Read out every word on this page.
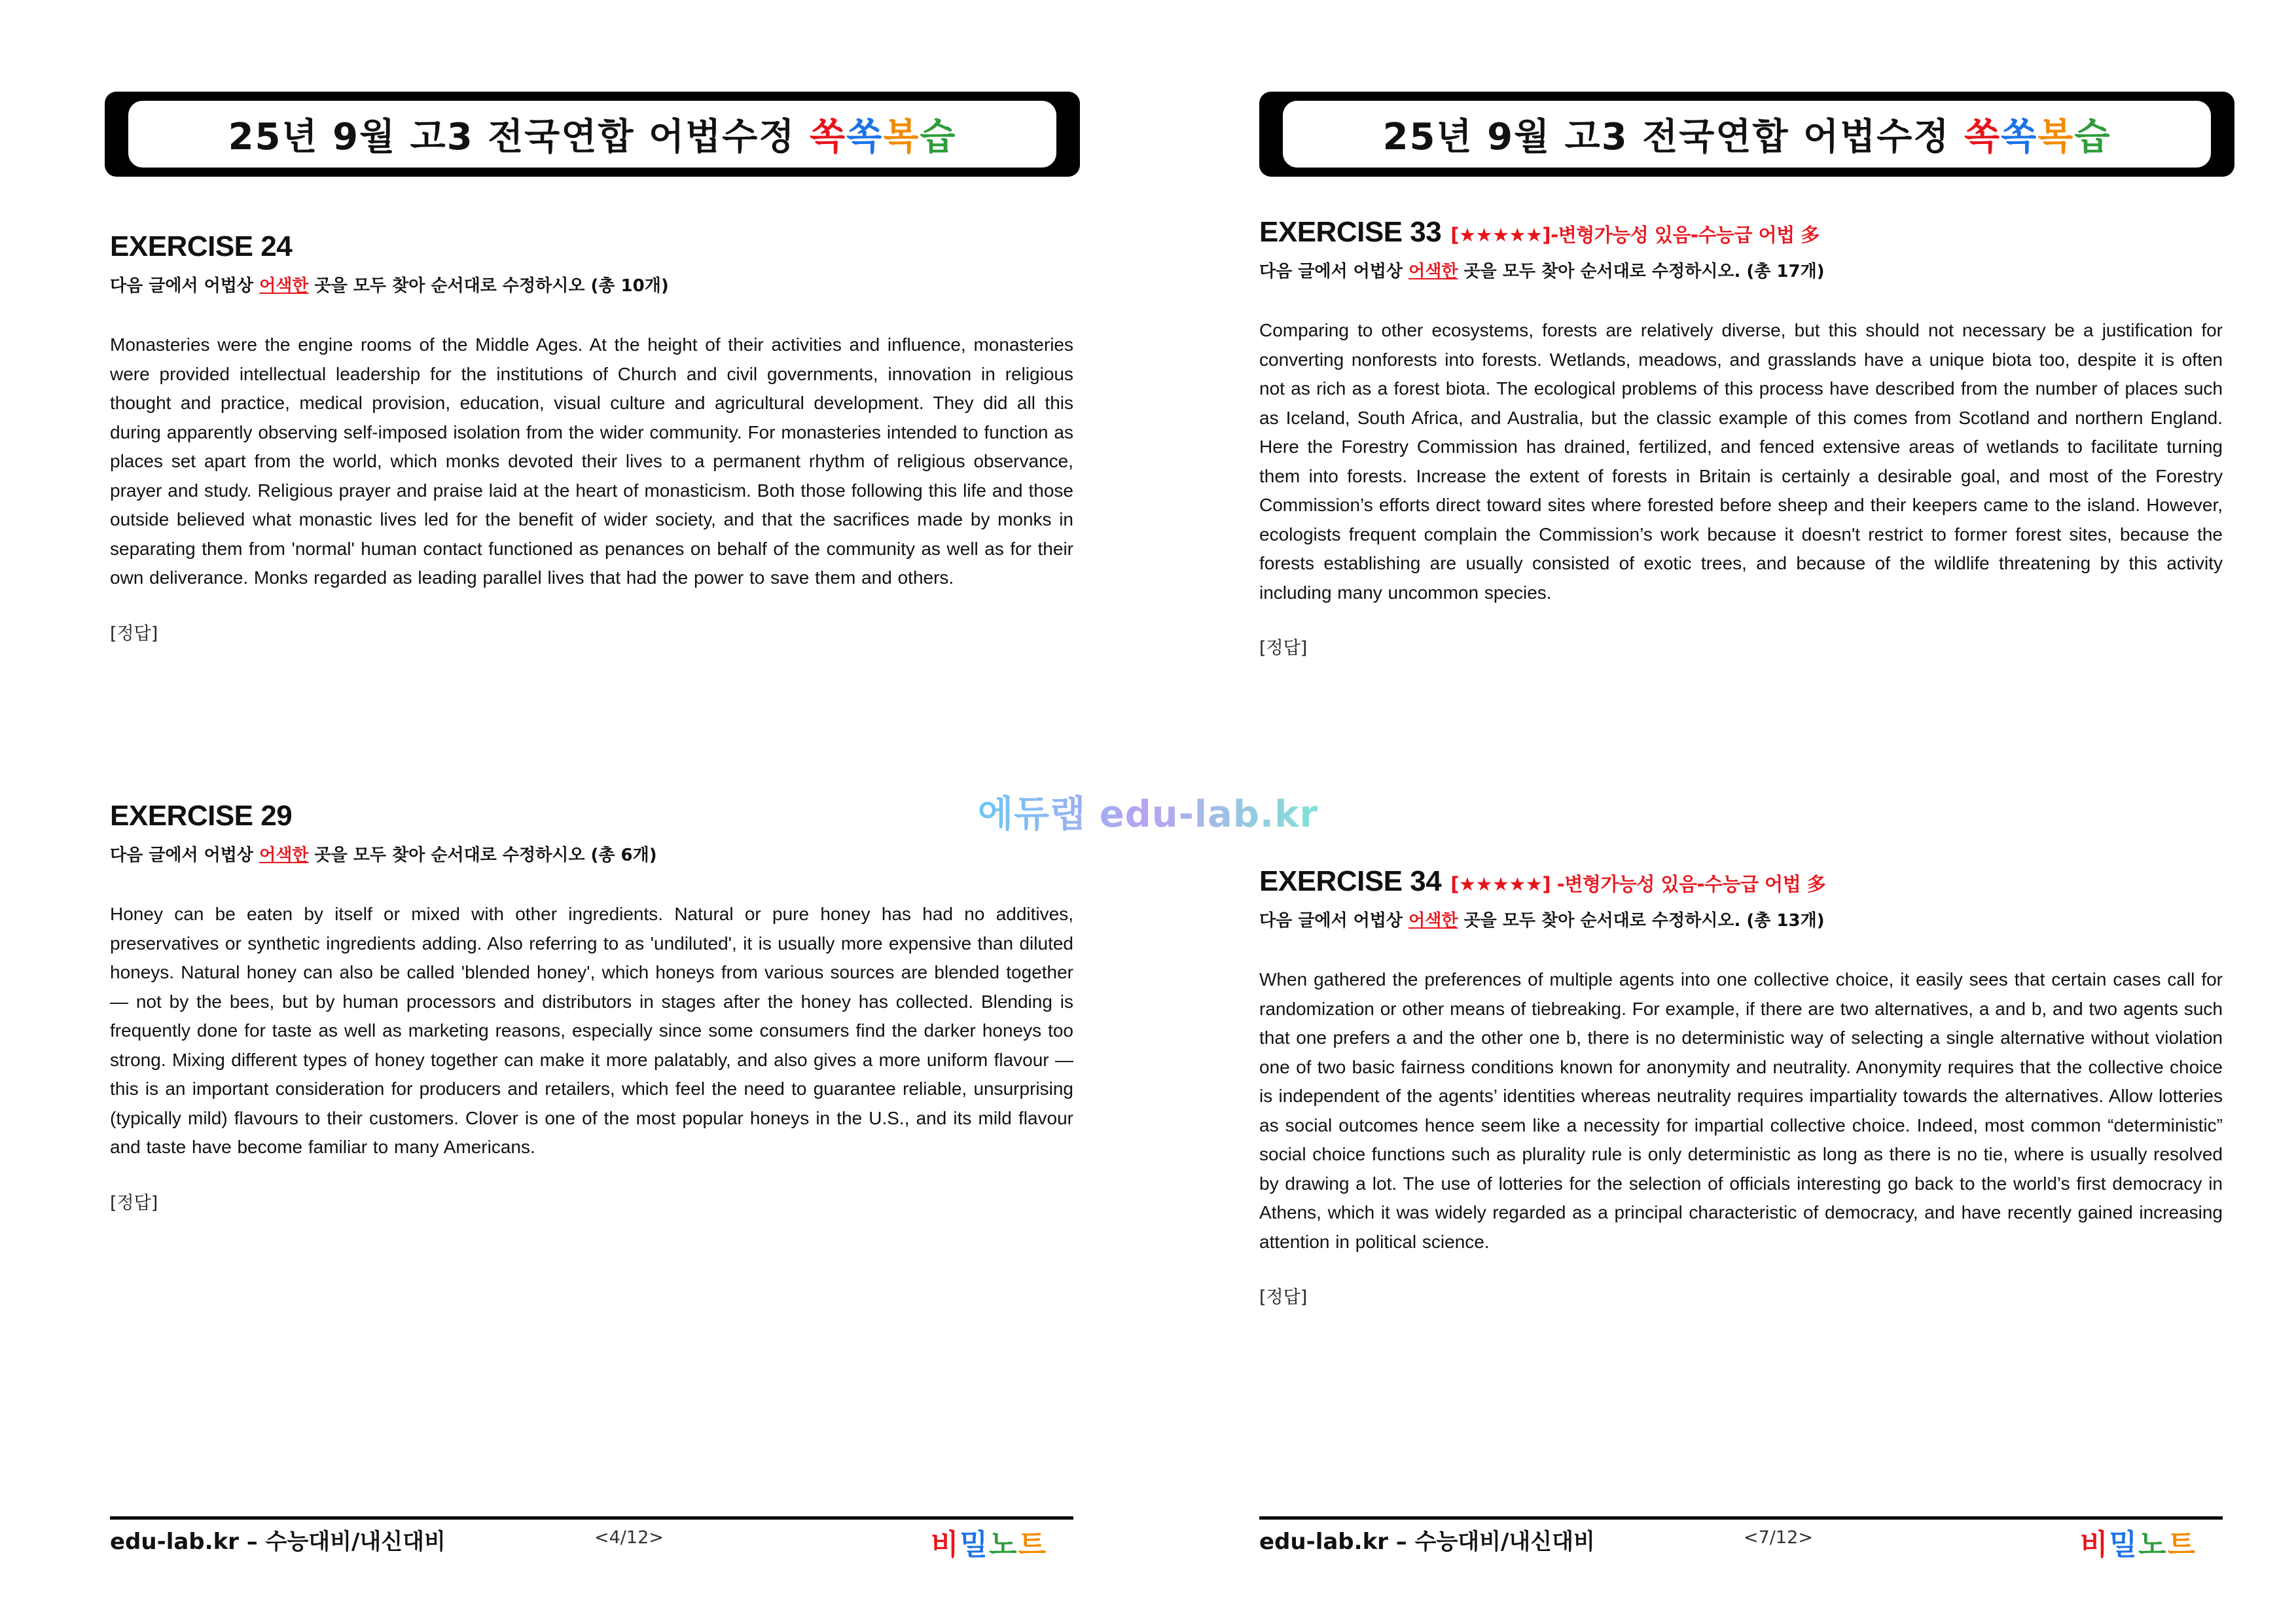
25년 9월 고3 전국연합 어법수정 쏙쏙복습
EXERCISE 24
다음 글에서 어법상 어색한 곳을 모두 찾아 순서대로 수정하시오 (총 10개)
Monasteries were the engine rooms of the Middle Ages. At the height of their activities and influence, monasteries were provided intellectual leadership for the institutions of Church and civil governments, innovation in religious thought and practice, medical provision, education, visual culture and agricultural development. They did all this during apparently observing self-imposed isolation from the wider community. For monasteries intended to function as places set apart from the world, which monks devoted their lives to a permanent rhythm of religious observance, prayer and study. Religious prayer and praise laid at the heart of monasticism. Both those following this life and those outside believed what monastic lives led for the benefit of wider society, and that the sacrifices made by monks in separating them from 'normal' human contact functioned as penances on behalf of the community as well as for their own deliverance. Monks regarded as leading parallel lives that had the power to save them and others.
[정답]
EXERCISE 29
다음 글에서 어법상 어색한 곳을 모두 찾아 순서대로 수정하시오 (총 6개)
Honey can be eaten by itself or mixed with other ingredients. Natural or pure honey has had no additives, preservatives or synthetic ingredients adding. Also referring to as 'undiluted', it is usually more expensive than diluted honeys. Natural honey can also be called 'blended honey', which honeys from various sources are blended together — not by the bees, but by human processors and distributors in stages after the honey has collected. Blending is frequently done for taste as well as marketing reasons, especially since some consumers find the darker honeys too strong. Mixing different types of honey together can make it more palatably, and also gives a more uniform flavour — this is an important consideration for producers and retailers, which feel the need to guarantee reliable, unsurprising (typically mild) flavours to their customers. Clover is one of the most popular honeys in the U.S., and its mild flavour and taste have become familiar to many Americans.
[정답]
edu-lab.kr – 수능대비/내신대비	<4/12>	비밀노트
25년 9월 고3 전국연합 어법수정 쏙쏙복습
EXERCISE 33 [★★★★★]-변형가능성 있음-수능급 어법 多
다음 글에서 어법상 어색한 곳을 모두 찾아 순서대로 수정하시오. (총 17개)
Comparing to other ecosystems, forests are relatively diverse, but this should not necessary be a justification for converting nonforests into forests. Wetlands, meadows, and grasslands have a unique biota too, despite it is often not as rich as a forest biota. The ecological problems of this process have described from the number of places such as Iceland, South Africa, and Australia, but the classic example of this comes from Scotland and northern England. Here the Forestry Commission has drained, fertilized, and fenced extensive areas of wetlands to facilitate turning them into forests. Increase the extent of forests in Britain is certainly a desirable goal, and most of the Forestry Commission’s efforts direct toward sites where forested before sheep and their keepers came to the island. However, ecologists frequent complain the Commission’s work because it doesn't restrict to former forest sites, because the forests establishing are usually consisted of exotic trees, and because of the wildlife threatening by this activity including many uncommon species.
[정답]
EXERCISE 34 [★★★★★] -변형가능성 있음-수능급 어법 多
다음 글에서 어법상 어색한 곳을 모두 찾아 순서대로 수정하시오. (총 13개)
When gathered the preferences of multiple agents into one collective choice, it easily sees that certain cases call for randomization or other means of tiebreaking. For example, if there are two alternatives, a and b, and two agents such that one prefers a and the other one b, there is no deterministic way of selecting a single alternative without violation one of two basic fairness conditions known for anonymity and neutrality. Anonymity requires that the collective choice is independent of the agents’ identities whereas neutrality requires impartiality towards the alternatives. Allow lotteries as social outcomes hence seem like a necessity for impartial collective choice. Indeed, most common “deterministic” social choice functions such as plurality rule is only deterministic as long as there is no tie, where is usually resolved by drawing a lot. The use of lotteries for the selection of officials interesting go back to the world’s first democracy in Athens, which it was widely regarded as a principal characteristic of democracy, and have recently gained increasing attention in political science.
[정답]
edu-lab.kr – 수능대비/내신대비	<7/12>	비밀노트
에듀랩 edu-lab.kr
